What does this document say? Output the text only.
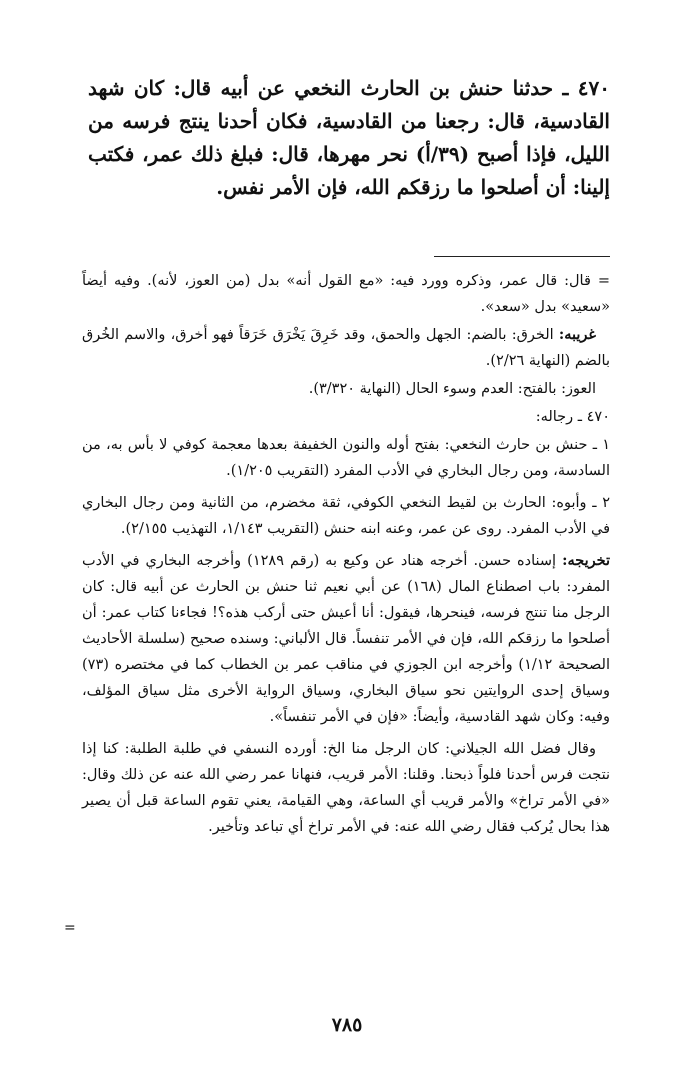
٤٧٠ ـ حدثنا حنش بن الحارث النخعي عن أبيه قال: كان شهد القادسية، قال: رجعنا من القادسية، فكان أحدنا ينتج فرسه من الليل، فإذا أصبح (٣٩/أ) نحر مهرها، قال: فبلغ ذلك عمر، فكتب إلينا: أن أصلحوا ما رزقكم الله، فإن الأمر نفس.

= قال: قال عمر، وذكره وورد فيه: «مع القول أنه» بدل (من العوز، لأنه). وفيه أيضاً «سعيد» بدل «سعد».

غريبه: الخرق: بالضم: الجهل والحمق، وقد خَرِقَ يَخْرَق خَرَقاً فهو أخرق، والاسم الخُرق بالضم (النهاية ٢/٢٦).

العوز: بالفتح: العدم وسوء الحال (النهاية ٣/٣٢٠).

٤٧٠ ـ رجاله:

١ ـ حنش بن حارث النخعي: بفتح أوله والنون الخفيفة بعدها معجمة كوفي لا بأس به، من السادسة، ومن رجال البخاري في الأدب المفرد (التقريب ١/٢٠٥).

٢ ـ وأبوه: الحارث بن لقيط النخعي الكوفي، ثقة مخضرم، من الثانية ومن رجال البخاري في الأدب المفرد. روى عن عمر، وعنه ابنه حنش (التقريب ١/١٤٣، التهذيب ٢/١٥٥).

تخريجه: إسناده حسن. أخرجه هناد عن وكيع به (رقم ١٢٨٩) وأخرجه البخاري في الأدب المفرد: باب اصطناع المال (١٦٨) عن أبي نعيم ثنا حنش بن الحارث عن أبيه قال: كان الرجل منا تنتج فرسه، فينحرها، فيقول: أنا أعيش حتى أركب هذه؟! فجاءنا كتاب عمر: أن أصلحوا ما رزقكم الله، فإن في الأمر تنفساً. قال الألباني: وسنده صحيح (سلسلة الأحاديث الصحيحة ١/١٢) وأخرجه ابن الجوزي في مناقب عمر بن الخطاب كما في مختصره (٧٣) وسياق إحدى الروايتين نحو سياق البخاري، وسياق الرواية الأخرى مثل سياق المؤلف، وفيه: وكان شهد القادسية، وأيضاً: «فإن في الأمر تنفساً».

وقال فضل الله الجيلاني: كان الرجل منا الخ: أورده النسفي في طلبة الطلبة: كنا إذا نتجت فرس أحدنا فلواً ذبحنا. وقلنا: الأمر قريب، فنهانا عمر رضي الله عنه عن ذلك وقال: «في الأمر تراخ» والأمر قريب أي الساعة، وهي القيامة، يعني تقوم الساعة قبل أن يصير هذا بحال يُركب فقال رضي الله عنه: في الأمر تراخ أي تباعد وتأخير.

=
٧٨٥
